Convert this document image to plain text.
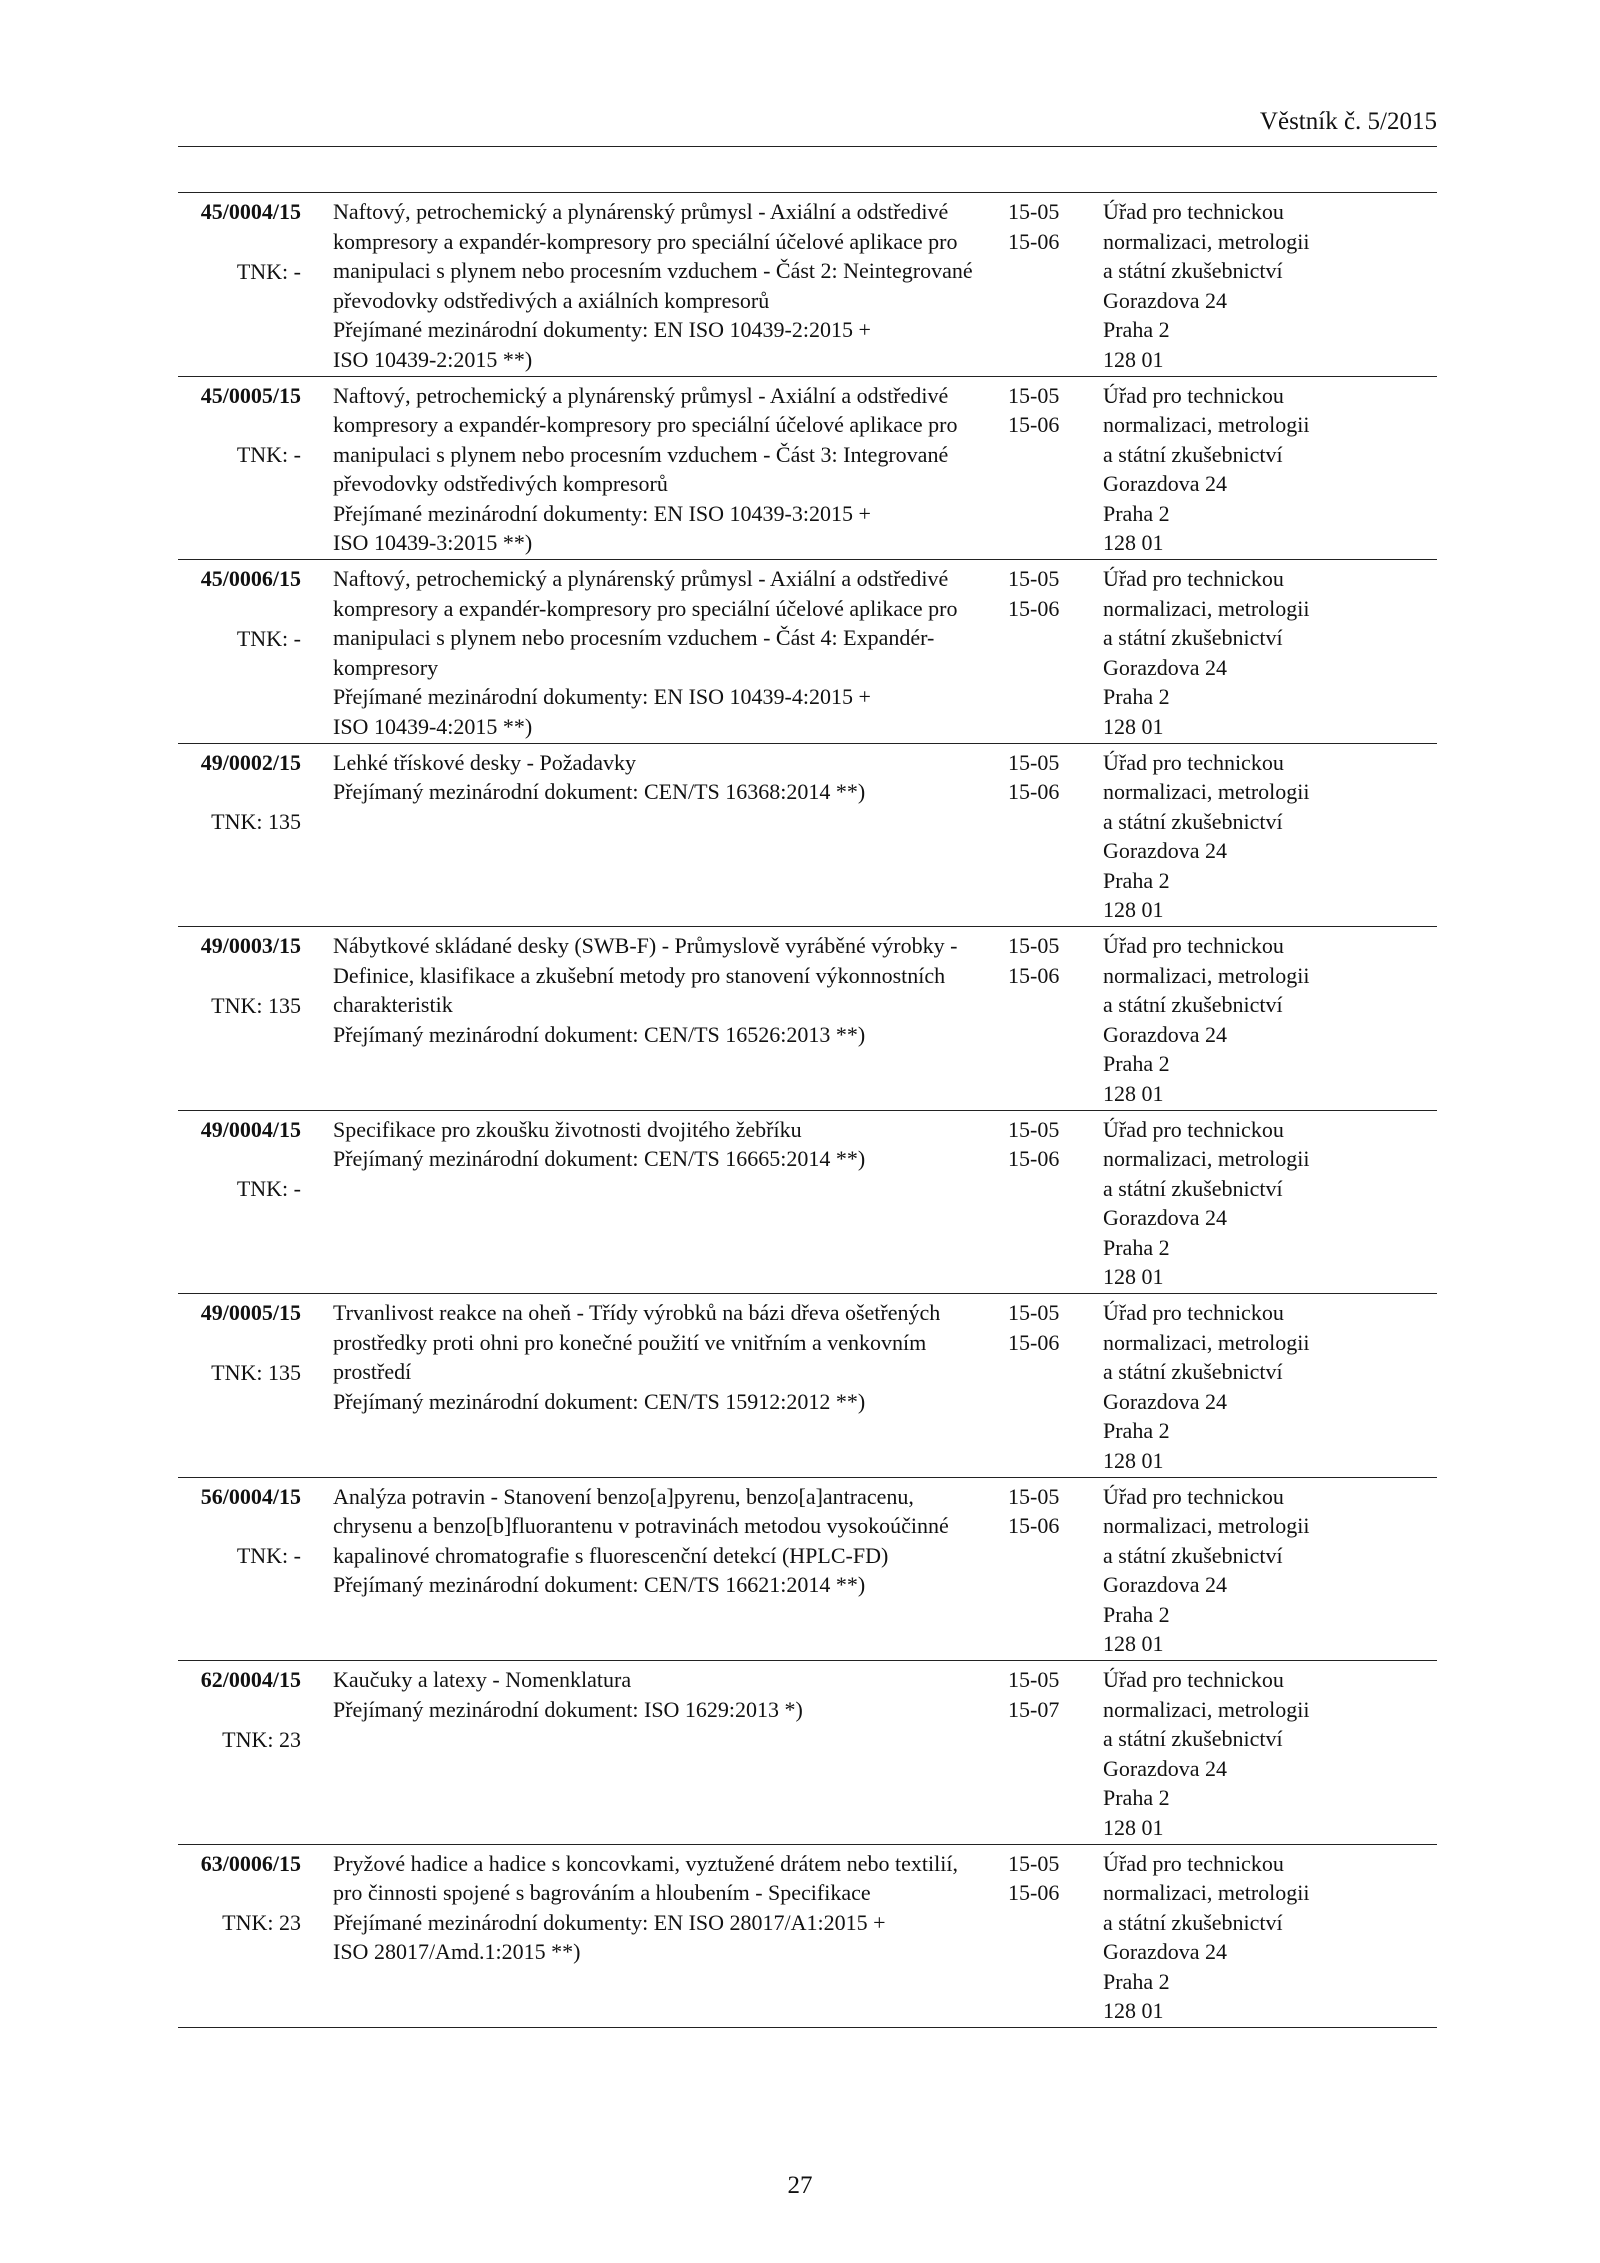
Věstník č. 5/2015
45/0004/15
TNK: -
Naftový, petrochemický a plynárenský průmysl - Axiální a odstředivé
kompresory a expandér-kompresory pro speciální účelové aplikace pro
manipulaci s plynem nebo procesním vzduchem - Část 2: Neintegrované
převodovky odstředivých a axiálních kompresorů
Přejímané mezinárodní dokumenty: EN ISO 10439-2:2015 +
ISO 10439-2:2015 **)
15-05
15-06
Úřad pro technickou
normalizaci, metrologii
a státní zkušebnictví
Gorazdova 24
Praha 2
128 01
45/0005/15
TNK: -
Naftový, petrochemický a plynárenský průmysl - Axiální a odstředivé
kompresory a expandér-kompresory pro speciální účelové aplikace pro
manipulaci s plynem nebo procesním vzduchem - Část 3: Integrované
převodovky odstředivých kompresorů
Přejímané mezinárodní dokumenty: EN ISO 10439-3:2015 +
ISO 10439-3:2015 **)
15-05
15-06
Úřad pro technickou
normalizaci, metrologii
a státní zkušebnictví
Gorazdova 24
Praha 2
128 01
45/0006/15
TNK: -
Naftový, petrochemický a plynárenský průmysl - Axiální a odstředivé
kompresory a expandér-kompresory pro speciální účelové aplikace pro
manipulaci s plynem nebo procesním vzduchem - Část 4: Expandér-
kompresory
Přejímané mezinárodní dokumenty: EN ISO 10439-4:2015 +
ISO 10439-4:2015 **)
15-05
15-06
Úřad pro technickou
normalizaci, metrologii
a státní zkušebnictví
Gorazdova 24
Praha 2
128 01
49/0002/15
TNK: 135
Lehké třískové desky - Požadavky
Přejímaný mezinárodní dokument: CEN/TS 16368:2014 **)
15-05
15-06
Úřad pro technickou
normalizaci, metrologii
a státní zkušebnictví
Gorazdova 24
Praha 2
128 01
49/0003/15
TNK: 135
Nábytkové skládané desky (SWB-F) - Průmyslově vyráběné výrobky -
Definice, klasifikace a zkušební metody pro stanovení výkonnostních
charakteristik
Přejímaný mezinárodní dokument: CEN/TS 16526:2013 **)
15-05
15-06
Úřad pro technickou
normalizaci, metrologii
a státní zkušebnictví
Gorazdova 24
Praha 2
128 01
49/0004/15
TNK: -
Specifikace pro zkoušku životnosti dvojitého žebříku
Přejímaný mezinárodní dokument: CEN/TS 16665:2014 **)
15-05
15-06
Úřad pro technickou
normalizaci, metrologii
a státní zkušebnictví
Gorazdova 24
Praha 2
128 01
49/0005/15
TNK: 135
Trvanlivost reakce na oheň - Třídy výrobků na bázi dřeva ošetřených
prostředky proti ohni pro konečné použití ve vnitřním a venkovním
prostředí
Přejímaný mezinárodní dokument: CEN/TS 15912:2012 **)
15-05
15-06
Úřad pro technickou
normalizaci, metrologii
a státní zkušebnictví
Gorazdova 24
Praha 2
128 01
56/0004/15
TNK: -
Analýza potravin - Stanovení benzo[a]pyrenu, benzo[a]antracenu,
chrysenu a benzo[b]fluorantenu v potravinách metodou vysokoúčinné
kapalinové chromatografie s fluorescenční detekcí (HPLC-FD)
Přejímaný mezinárodní dokument: CEN/TS 16621:2014 **)
15-05
15-06
Úřad pro technickou
normalizaci, metrologii
a státní zkušebnictví
Gorazdova 24
Praha 2
128 01
62/0004/15
TNK: 23
Kaučuky a latexy - Nomenklatura
Přejímaný mezinárodní dokument: ISO 1629:2013 *)
15-05
15-07
Úřad pro technickou
normalizaci, metrologii
a státní zkušebnictví
Gorazdova 24
Praha 2
128 01
63/0006/15
TNK: 23
Pryžové hadice a hadice s koncovkami, vyztužené drátem nebo textilií,
pro činnosti spojené s bagrováním a hloubením - Specifikace
Přejímané mezinárodní dokumenty: EN ISO 28017/A1:2015 +
ISO 28017/Amd.1:2015 **)
15-05
15-06
Úřad pro technickou
normalizaci, metrologii
a státní zkušebnictví
Gorazdova 24
Praha 2
128 01
27
